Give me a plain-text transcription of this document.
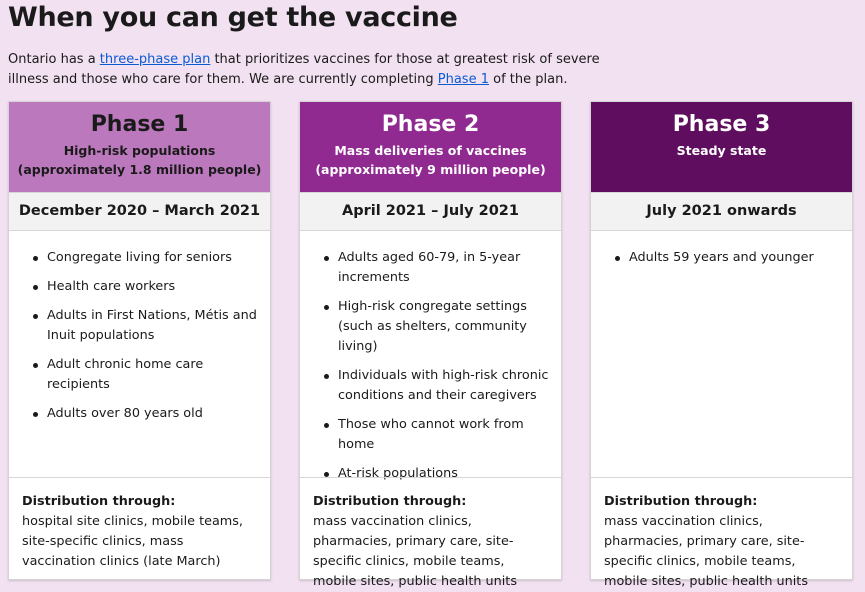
When you can get the vaccine

Ontario has a three-phase plan that prioritizes vaccines for those at greatest risk of severe illness and those who care for them. We are currently completing Phase 1 of the plan.

Phase 1
High-risk populations
(approximately 1.8 million people)
December 2020 – March 2021
Congregate living for seniors
Health care workers
Adults in First Nations, Métis and Inuit populations
Adult chronic home care recipients
Adults over 80 years old
Distribution through:
hospital site clinics, mobile teams, site-specific clinics, mass vaccination clinics (late March)
Phase 2
Mass deliveries of vaccines
(approximately 9 million people)
April 2021 – July 2021
Adults aged 60-79, in 5-year increments
High-risk congregate settings (such as shelters, community living)
Individuals with high-risk chronic conditions and their caregivers
Those who cannot work from home
At-risk populations
Distribution through:
mass vaccination clinics, pharmacies, primary care, site-specific clinics, mobile teams, mobile sites, public health units
Phase 3
Steady state
July 2021 onwards
Adults 59 years and younger
Distribution through:
mass vaccination clinics, pharmacies, primary care, site-specific clinics, mobile teams, mobile sites, public health units
